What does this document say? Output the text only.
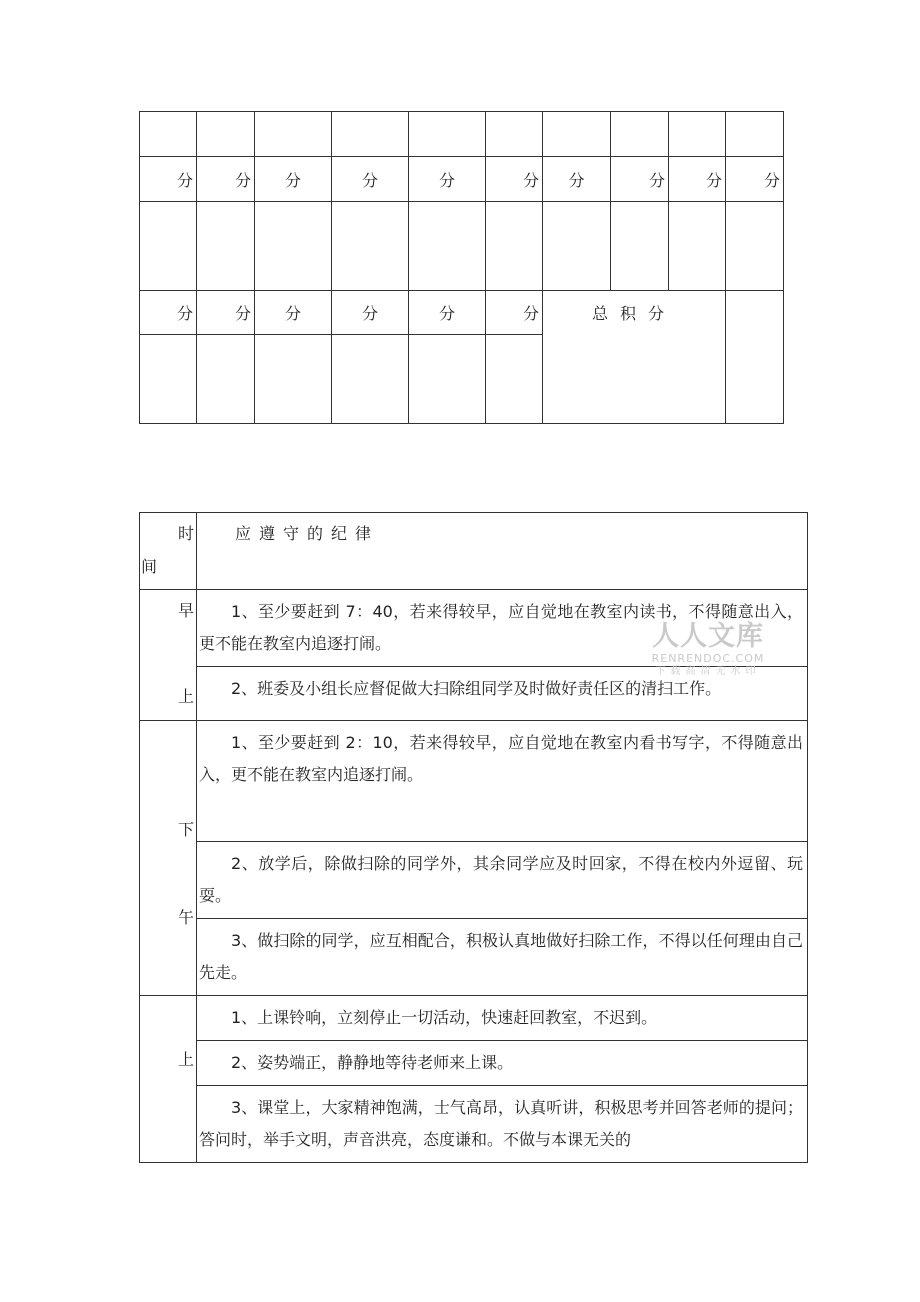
分	分	分	分	分	分	分	分	分	分

分	分	分	分	分	分	总积分			

时
间	应遵守的纪律

早
上	1、至少要赶到 7：40，若来得较早，应自觉地在教室内读书，不得随意出入，更不能在教室内追逐打闹。
	2、班委及小组长应督促做大扫除组同学及时做好责任区的清扫工作。

下
午	1、至少要赶到 2：10，若来得较早，应自觉地在教室内看书写字，不得随意出入，更不能在教室内追逐打闹。
	2、放学后，除做扫除的同学外，其余同学应及时回家，不得在校内外逗留、玩耍。
	3、做扫除的同学，应互相配合，积极认真地做好扫除工作，不得以任何理由自己先走。

上	1、上课铃响，立刻停止一切活动，快速赶回教室，不迟到。
	2、姿势端正，静静地等待老师来上课。
	3、课堂上，大家精神饱满，士气高昂，认真听讲，积极思考并回答老师的提问；答问时，举手文明，声音洪亮，态度谦和。不做与本课无关的
人人文库
RENRENDOC.COM
下载高清无水印
